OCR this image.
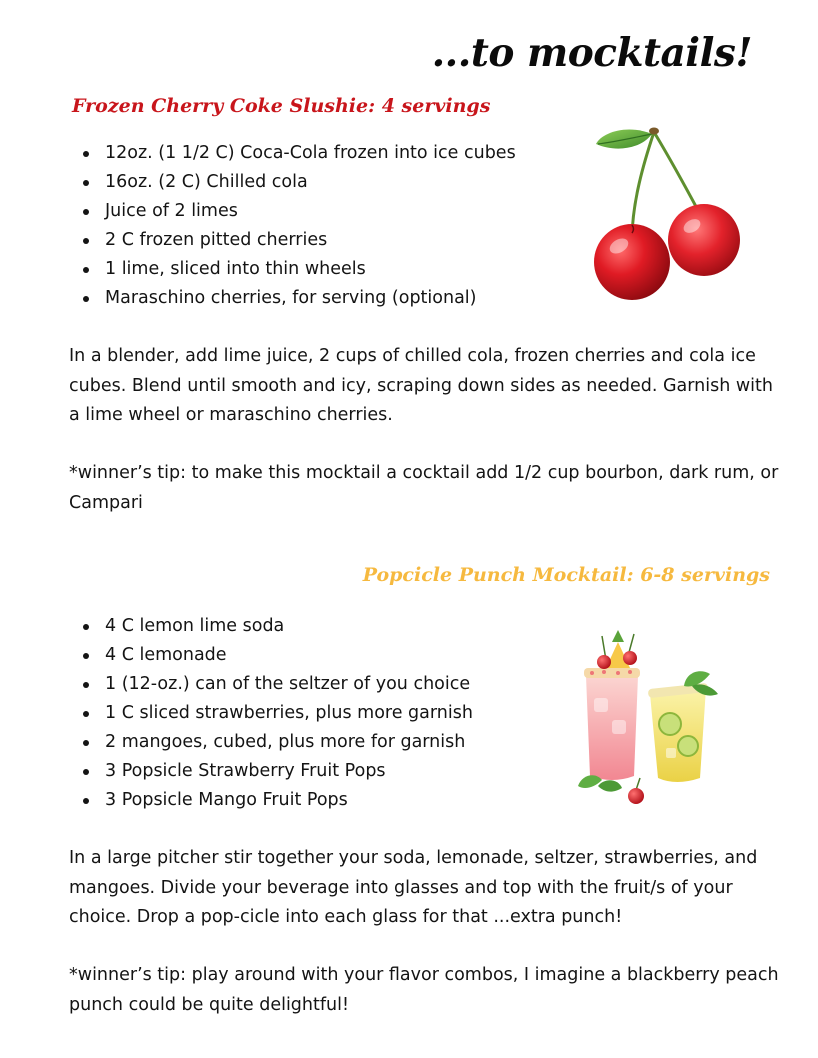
...to mocktails!
Frozen Cherry Coke Slushie: 4 servings
12oz. (1 1/2 C) Coca-Cola frozen into ice cubes
16oz. (2 C) Chilled cola
Juice of 2 limes
2 C frozen pitted cherries
1 lime, sliced into thin wheels
Maraschino cherries, for serving (optional)

In a blender, add lime juice, 2 cups of chilled cola, frozen cherries and cola ice cubes. Blend until smooth and icy, scraping down sides as needed. Garnish with a lime wheel or maraschino cherries.

*winner’s tip: to make this mocktail a cocktail add 1/2 cup bourbon, dark rum, or Campari

Popcicle Punch Mocktail: 6-8 servings
4 C lemon lime soda
4 C lemonade
1 (12-oz.) can of the seltzer of you choice
1 C sliced strawberries, plus more garnish
2 mangoes, cubed, plus more for garnish
3 Popsicle Strawberry Fruit Pops
3 Popsicle Mango Fruit Pops

In a large pitcher stir together your soda, lemonade, seltzer, strawberries, and mangoes. Divide your beverage into glasses and top with the fruit/s of your choice. Drop a pop-cicle into each glass for that ...extra punch!

*winner’s tip: play around with your flavor combos, I imagine a blackberry peach punch could be quite delightful!
